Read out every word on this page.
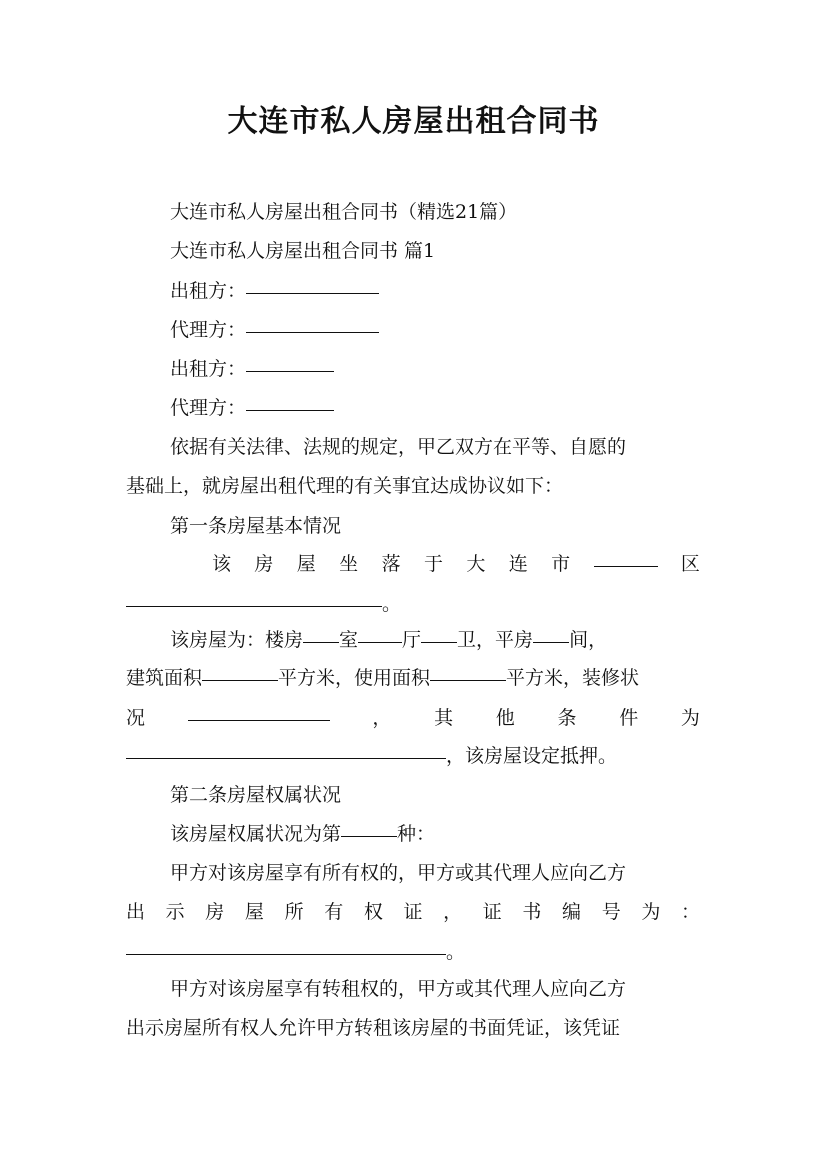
大连市私人房屋出租合同书
大连市私人房屋出租合同书（精选21篇）
大连市私人房屋出租合同书 篇1
出租方：
代理方：
出租方：
代理方：
依据有关法律、法规的规定，甲乙双方在平等、自愿的
基础上，就房屋出租代理的有关事宜达成协议如下：
第一条房屋基本情况
该 房 屋 坐 落 于 大 连 市	区
。
该房屋为：楼房 室 厅 卫，平房 间，
建筑面积	平方米，使用面积	平方米，装修状
况	， 其 他 条 件 为
，该房屋设定抵押。
第二条房屋权属状况
该房屋权属状况为第	种：
甲方对该房屋享有所有权的，甲方或其代理人应向乙方
出 示 房 屋 所 有 权 证 ， 证 书 编 号 为 ：
。
甲方对该房屋享有转租权的，甲方或其代理人应向乙方
出示房屋所有权人允许甲方转租该房屋的书面凭证，该凭证
